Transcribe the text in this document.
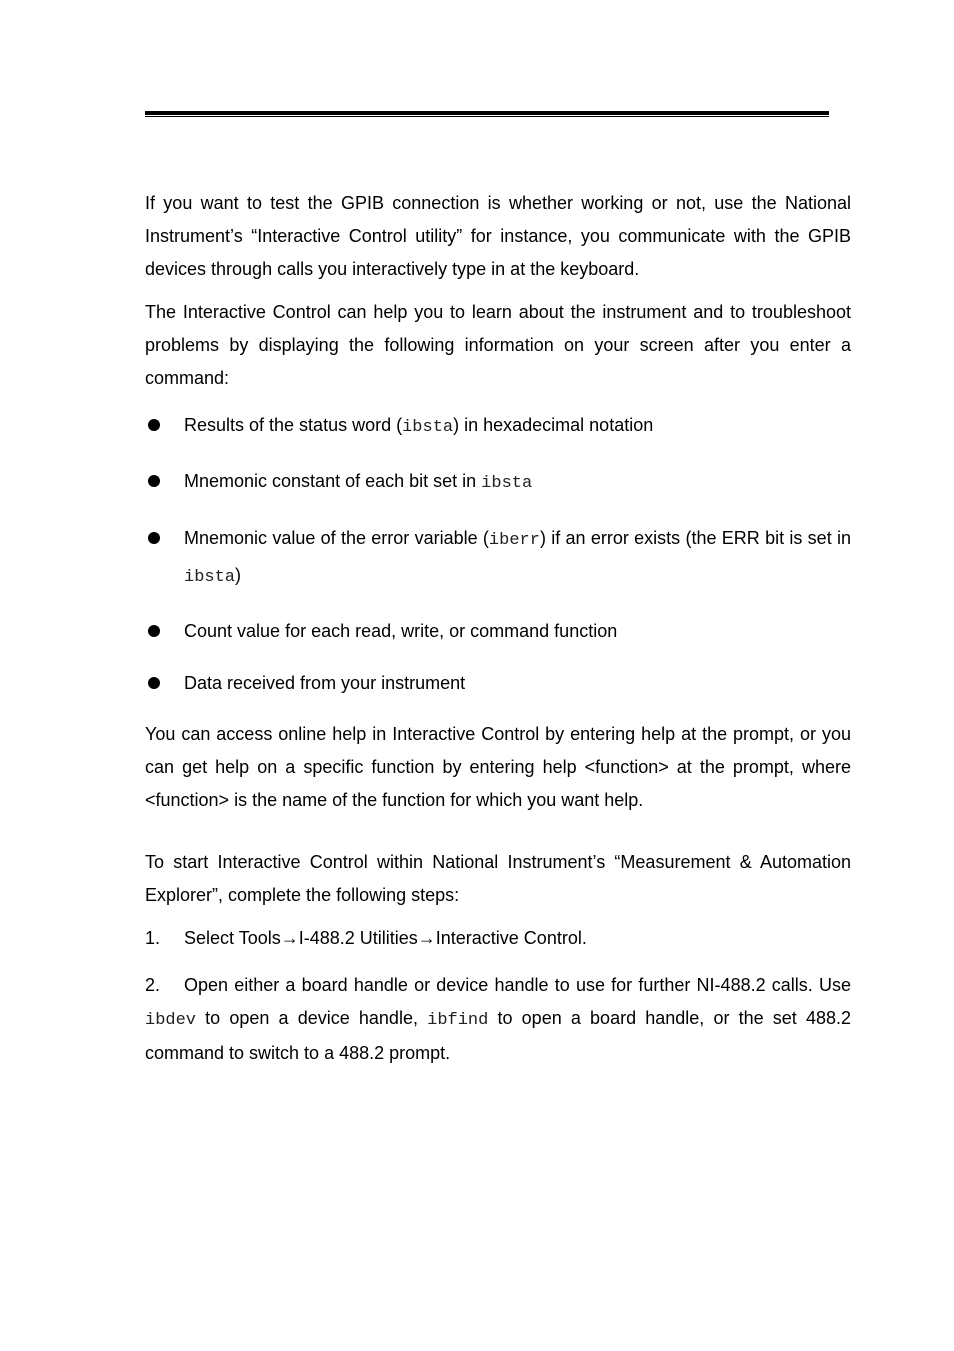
If you want to test the GPIB connection is whether working or not, use the National Instrument’s “Interactive Control utility” for instance, you communicate with the GPIB devices through calls you interactively type in at the keyboard.

The Interactive Control can help you to learn about the instrument and to troubleshoot problems by displaying the following information on your screen after you enter a command:

Results of the status word (ibsta) in hexadecimal notation
Mnemonic constant of each bit set in ibsta
Mnemonic value of the error variable (iberr) if an error exists (the ERR bit is set in ibsta)
Count value for each read, write, or command function
Data received from your instrument

You can access online help in Interactive Control by entering help at the prompt, or you can get help on a specific function by entering help <function> at the prompt, where <function> is the name of the function for which you want help.

To start Interactive Control within National Instrument’s “Measurement & Automation Explorer”, complete the following steps:

1. Select Tools→I-488.2 Utilities→Interactive Control.
2. Open either a board handle or device handle to use for further NI-488.2 calls. Use ibdev to open a device handle, ibfind to open a board handle, or the set 488.2 command to switch to a 488.2 prompt.
